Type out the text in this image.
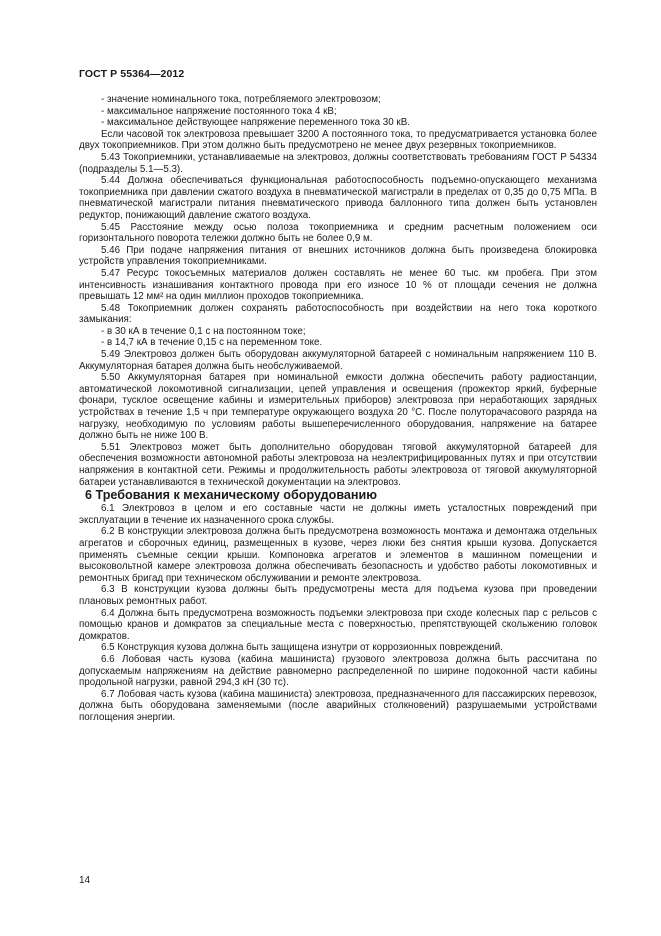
ГОСТ Р 55364—2012

- значение номинального тока, потребляемого электровозом;

- максимальное напряжение постоянного тока 4 кВ;

- максимальное действующее напряжение переменного тока 30 кВ.

Если часовой ток электровоза превышает 3200 А постоянного тока, то предусматривается установка более двух токоприемников. При этом должно быть предусмотрено не менее двух резервных токоприемников.

5.43 Токоприемники, устанавливаемые на электровоз, должны соответствовать требованиям ГОСТ Р 54334 (подразделы 5.1—5.3).

5.44 Должна обеспечиваться функциональная работоспособность подъемно-опускающего механизма токоприемника при давлении сжатого воздуха в пневматической магистрали в пределах от 0,35 до 0,75 МПа. В пневматической магистрали питания пневматического привода баллонного типа должен быть установлен редуктор, понижающий давление сжатого воздуха.

5.45 Расстояние между осью полоза токоприемника и средним расчетным положением оси горизонтального поворота тележки должно быть не более 0,9 м.

5.46 При подаче напряжения питания от внешних источников должна быть произведена блокировка устройств управления токоприемниками.

5.47 Ресурс токосъемных материалов должен составлять не менее 60 тыс. км пробега. При этом интенсивность изнашивания контактного провода при его износе 10 % от площади сечения не должна превышать 12 мм² на один миллион проходов токоприемника.

5.48 Токоприемник должен сохранять работоспособность при воздействии на него тока короткого замыкания:

- в 30 кА в течение 0,1 с на постоянном токе;

- в 14,7 кА в течение 0,15 с на переменном токе.

5.49 Электровоз должен быть оборудован аккумуляторной батареей с номинальным напряжением 110 В. Аккумуляторная батарея должна быть необслуживаемой.

5.50 Аккумуляторная батарея при номинальной емкости должна обеспечить работу радиостанции, автоматической локомотивной сигнализации, цепей управления и освещения (прожектор яркий, буферные фонари, тусклое освещение кабины и измерительных приборов) электровоза при неработающих зарядных устройствах в течение 1,5 ч при температуре окружающего воздуха 20 °С. После полуторачасового разряда на нагрузку, необходимую по условиям работы вышеперечисленного оборудования, напряжение на батарее должно быть не ниже 100 В.

5.51 Электровоз может быть дополнительно оборудован тяговой аккумуляторной батареей для обеспечения возможности автономной работы электровоза на неэлектрифицированных путях и при отсутствии напряжения в контактной сети. Режимы и продолжительность работы электровоза от тяговой аккумуляторной батареи устанавливаются в технической документации на электровоз.

6 Требования к механическому оборудованию

6.1 Электровоз в целом и его составные части не должны иметь усталостных повреждений при эксплуатации в течение их назначенного срока службы.

6.2 В конструкции электровоза должна быть предусмотрена возможность монтажа и демонтажа отдельных агрегатов и сборочных единиц, размещенных в кузове, через люки без снятия крыши кузова. Допускается применять съемные секции крыши. Компоновка агрегатов и элементов в машинном помещении и высоковольтной камере электровоза должна обеспечивать безопасность и удобство работы локомотивных и ремонтных бригад при техническом обслуживании и ремонте электровоза.

6.3 В конструкции кузова должны быть предусмотрены места для подъема кузова при проведении плановых ремонтных работ.

6.4 Должна быть предусмотрена возможность подъемки электровоза при сходе колесных пар с рельсов с помощью кранов и домкратов за специальные места с поверхностью, препятствующей скольжению головок домкратов.

6.5 Конструкция кузова должна быть защищена изнутри от коррозионных повреждений.

6.6 Лобовая часть кузова (кабина машиниста) грузового электровоза должна быть рассчитана по допускаемым напряжениям на действие равномерно распределенной по ширине подоконной части кабины продольной нагрузки, равной 294,3 кН (30 тс).

6.7 Лобовая часть кузова (кабина машиниста) электровоза, предназначенного для пассажирских перевозок, должна быть оборудована заменяемыми (после аварийных столкновений) разрушаемыми устройствами поглощения энергии.

14
